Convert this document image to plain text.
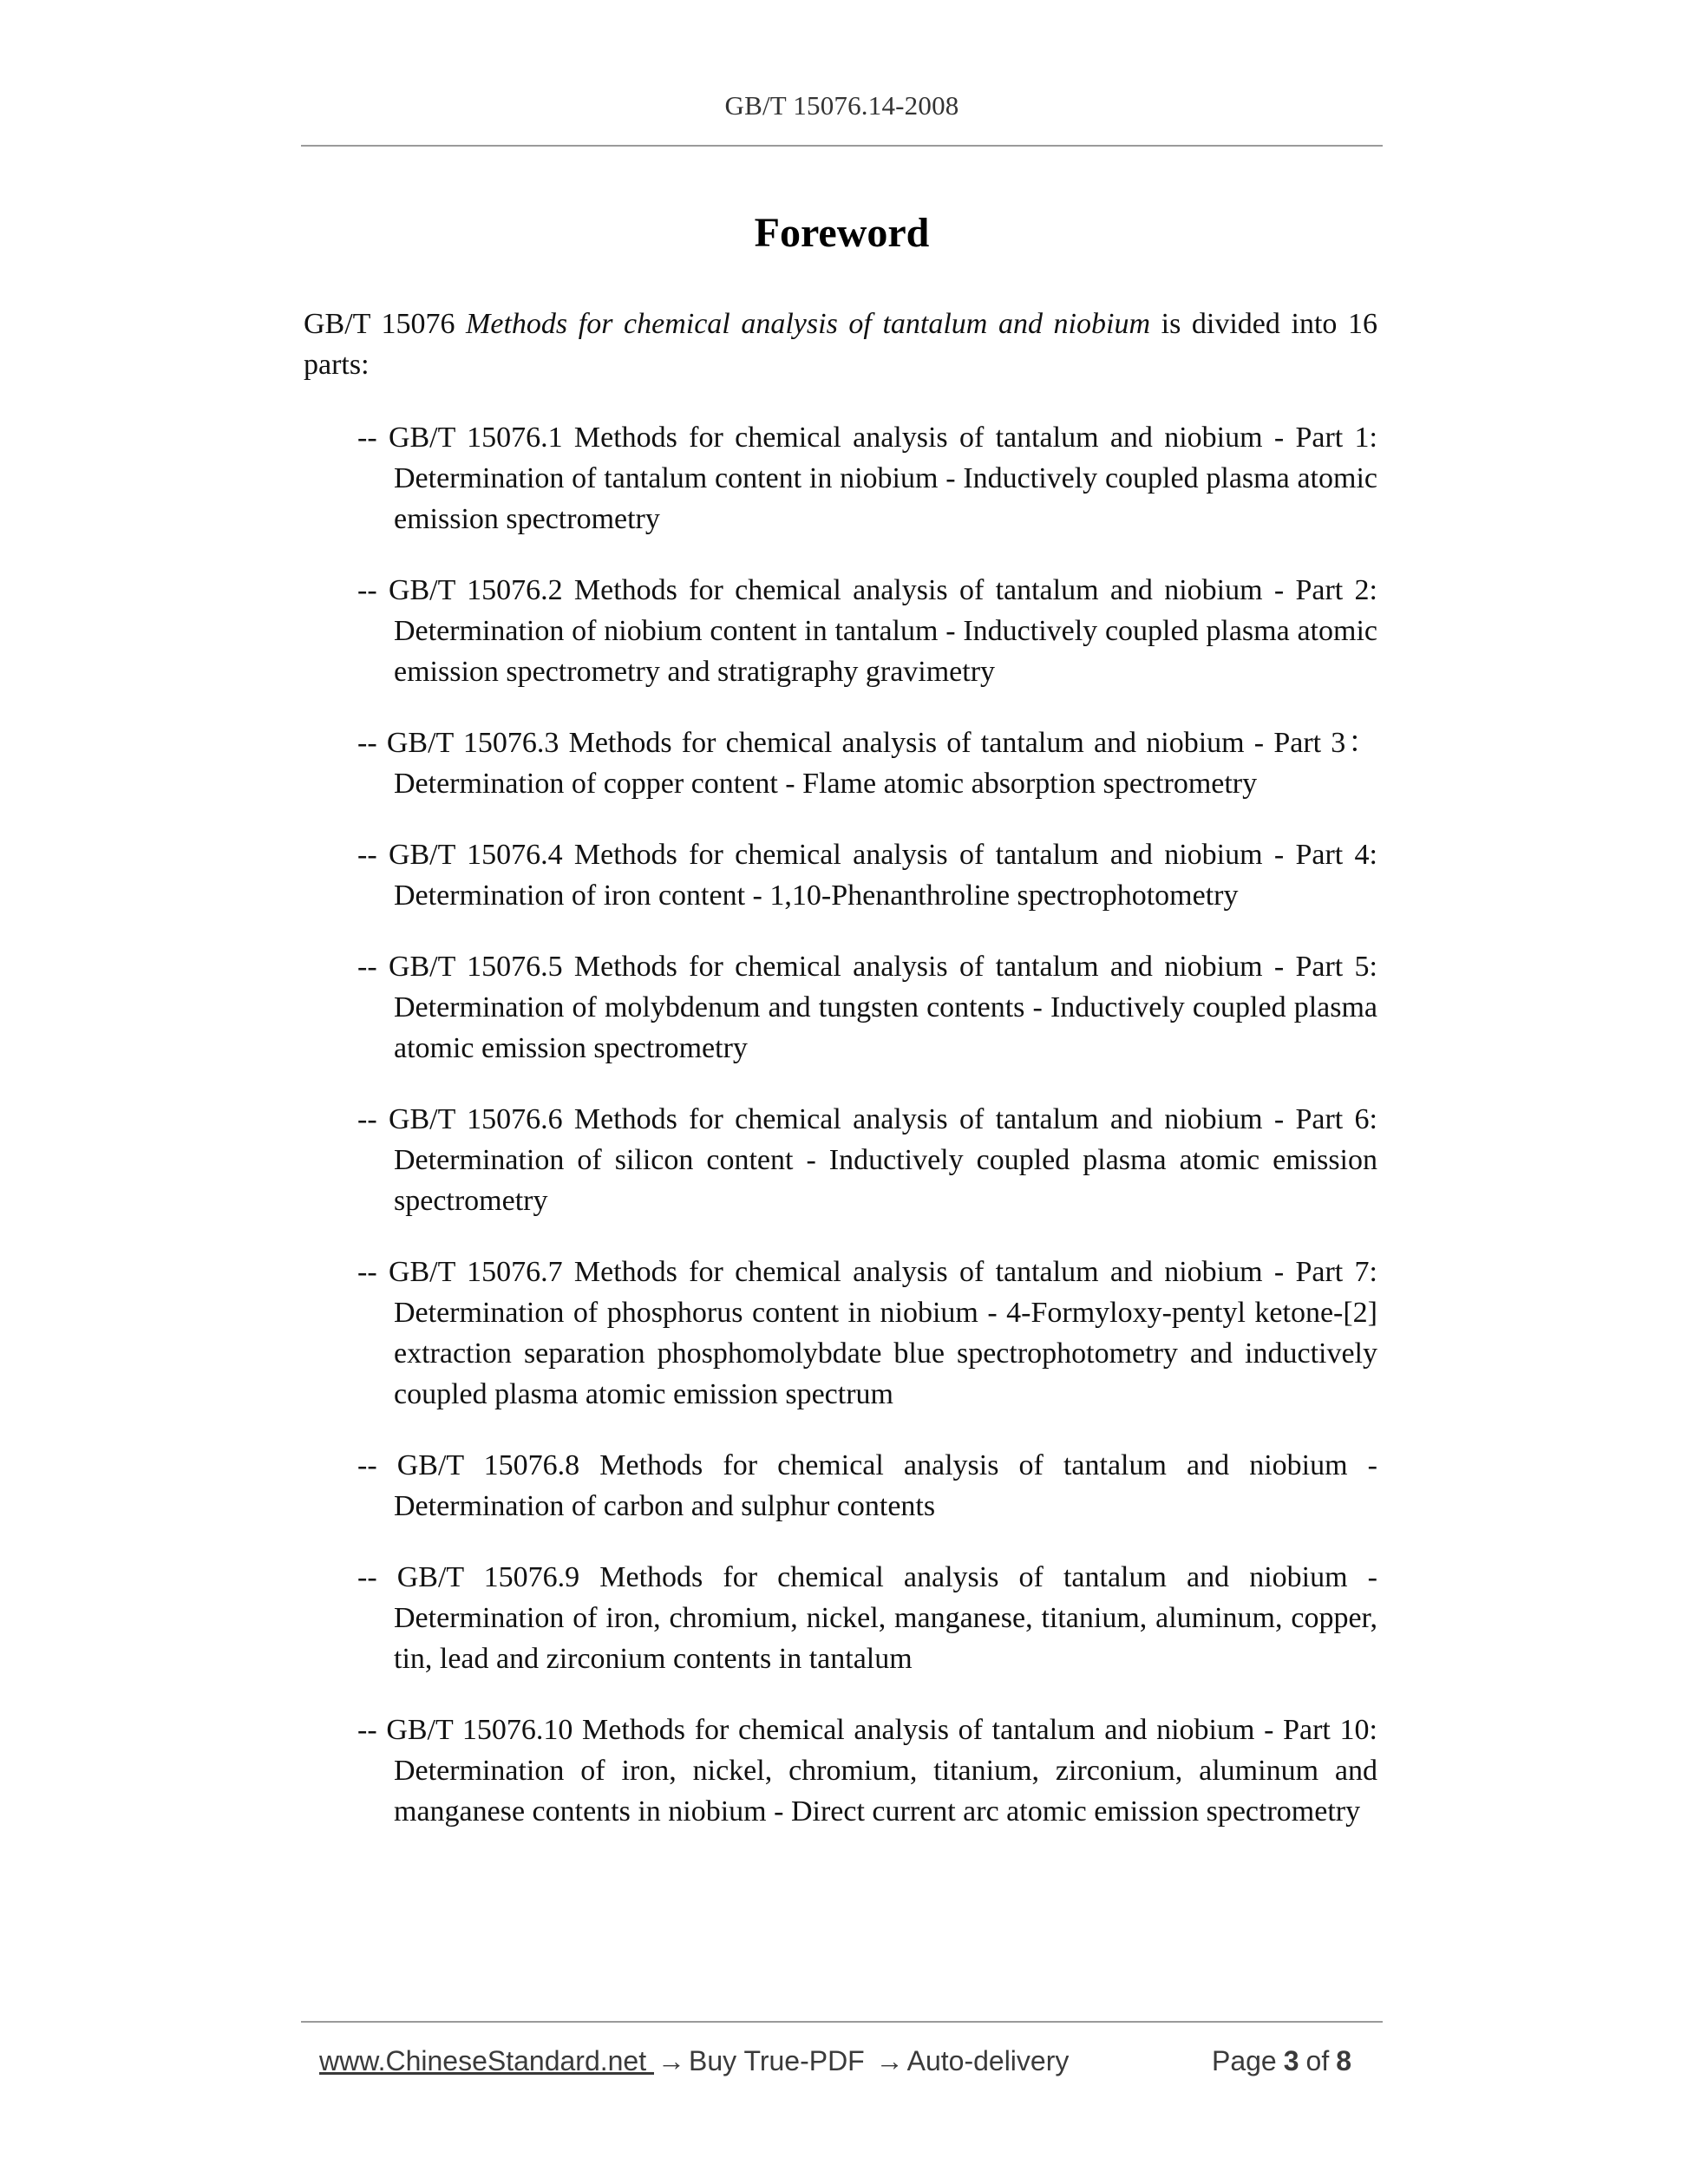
GB/T 15076.14-2008
Foreword

GB/T 15076 Methods for chemical analysis of tantalum and niobium is divided into 16 parts:

-- GB/T 15076.1 Methods for chemical analysis of tantalum and niobium - Part 1: Determination of tantalum content in niobium - Inductively coupled plasma atomic emission spectrometry
-- GB/T 15076.2 Methods for chemical analysis of tantalum and niobium - Part 2: Determination of niobium content in tantalum - Inductively coupled plasma atomic emission spectrometry and stratigraphy gravimetry
-- GB/T 15076.3 Methods for chemical analysis of tantalum and niobium - Part 3： Determination of copper content - Flame atomic absorption spectrometry
-- GB/T 15076.4 Methods for chemical analysis of tantalum and niobium - Part 4: Determination of iron content - 1,10-Phenanthroline spectrophotometry
-- GB/T 15076.5 Methods for chemical analysis of tantalum and niobium - Part 5: Determination of molybdenum and tungsten contents - Inductively coupled plasma atomic emission spectrometry
-- GB/T 15076.6 Methods for chemical analysis of tantalum and niobium - Part 6: Determination of silicon content - Inductively coupled plasma atomic emission spectrometry
-- GB/T 15076.7 Methods for chemical analysis of tantalum and niobium - Part 7: Determination of phosphorus content in niobium - 4-Formyloxy-pentyl ketone-[2] extraction separation phosphomolybdate blue spectrophotometry and inductively coupled plasma atomic emission spectrum
-- GB/T 15076.8 Methods for chemical analysis of tantalum and niobium - Determination of carbon and sulphur contents
-- GB/T 15076.9 Methods for chemical analysis of tantalum and niobium - Determination of iron, chromium, nickel, manganese, titanium, aluminum, copper, tin, lead and zirconium contents in tantalum
-- GB/T 15076.10 Methods for chemical analysis of tantalum and niobium - Part 10: Determination of iron, nickel, chromium, titanium, zirconium, aluminum and manganese contents in niobium - Direct current arc atomic emission spectrometry
www.ChineseStandard.net → Buy True-PDF → Auto-delivery	Page 3 of 8
